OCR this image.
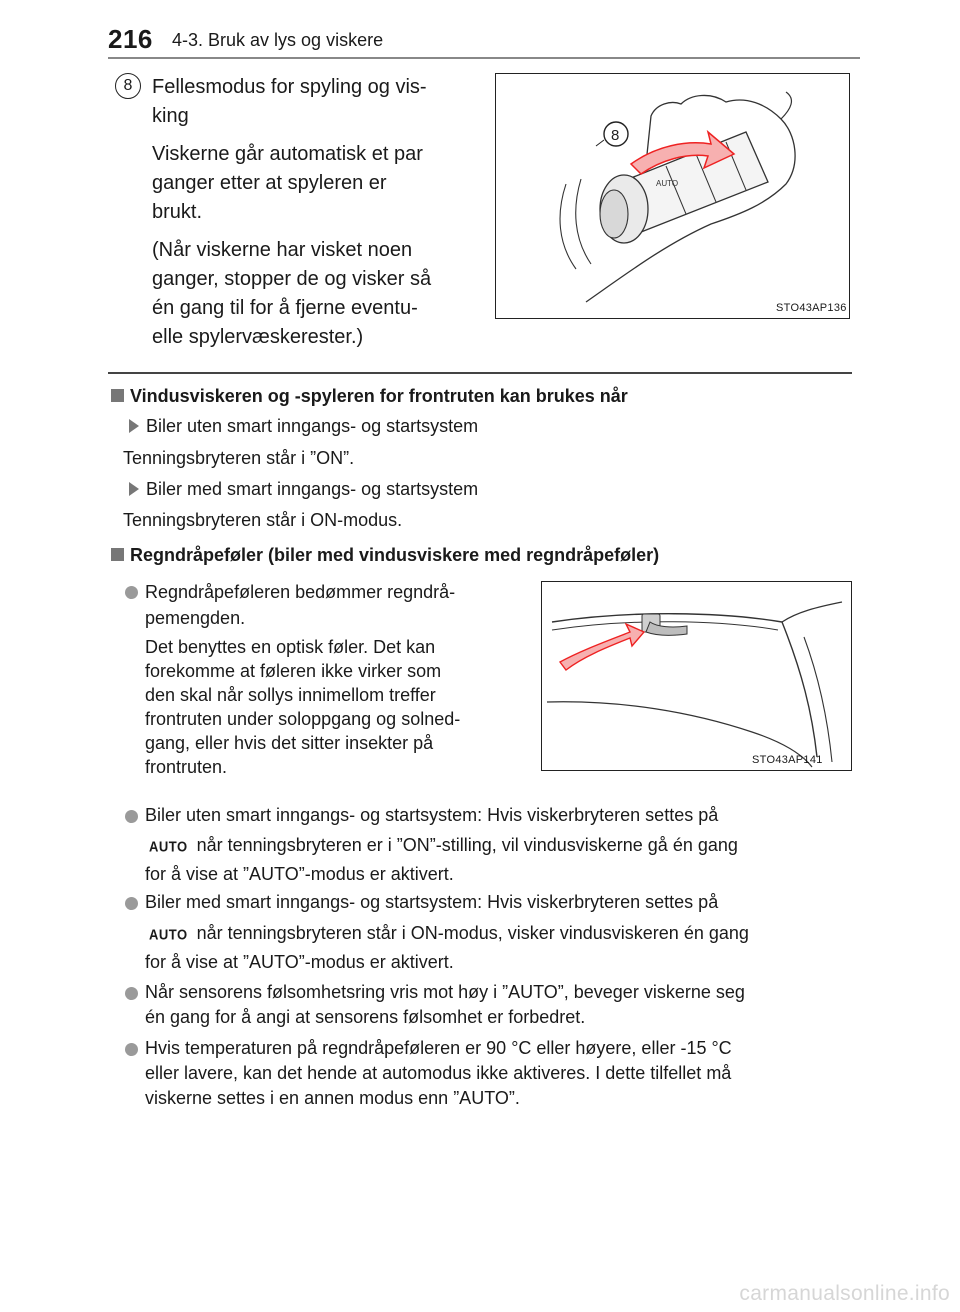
216 4-3. Bruk av lys og viskere
8 Fellesmodus for spyling og vis-
king
Viskerne går automatisk et par
ganger etter at spyleren er
brukt.
(Når viskerne har visket noen
ganger, stopper de og visker så
én gang til for å fjerne eventu-
elle spylervæskerester.)
AUTO
8
STO43AP136
Vindusviskeren og -spyleren for frontruten kan brukes når
Biler uten smart inngangs- og startsystem
Tenningsbryteren står i ”ON”.
Biler med smart inngangs- og startsystem
Tenningsbryteren står i ON-modus.
Regndråpeføler (biler med vindusviskere med regndråpeføler)
Regndråpeføleren bedømmer regndrå-
pemengden.
Det benyttes en optisk føler. Det kan
forekomme at føleren ikke virker som
den skal når sollys innimellom treffer
frontruten under soloppgang og solned-
gang, eller hvis det sitter insekter på
frontruten.	STO43AP141
Biler uten smart inngangs- og startsystem: Hvis viskerbryteren settes på
AUTO når tenningsbryteren er i ”ON”-stilling, vil vindusviskerne gå én gang
for å vise at ”AUTO”-modus er aktivert.
Biler med smart inngangs- og startsystem: Hvis viskerbryteren settes på
AUTO når tenningsbryteren står i ON-modus, visker vindusviskeren én gang
for å vise at ”AUTO”-modus er aktivert.
Når sensorens følsomhetsring vris mot høy i ”AUTO”, beveger viskerne seg
én gang for å angi at sensorens følsomhet er forbedret.
Hvis temperaturen på regndråpeføleren er 90 °C eller høyere, eller -15 °C
eller lavere, kan det hende at automodus ikke aktiveres. I dette tilfellet må
viskerne settes i en annen modus enn ”AUTO”.
carmanualsonline.info
